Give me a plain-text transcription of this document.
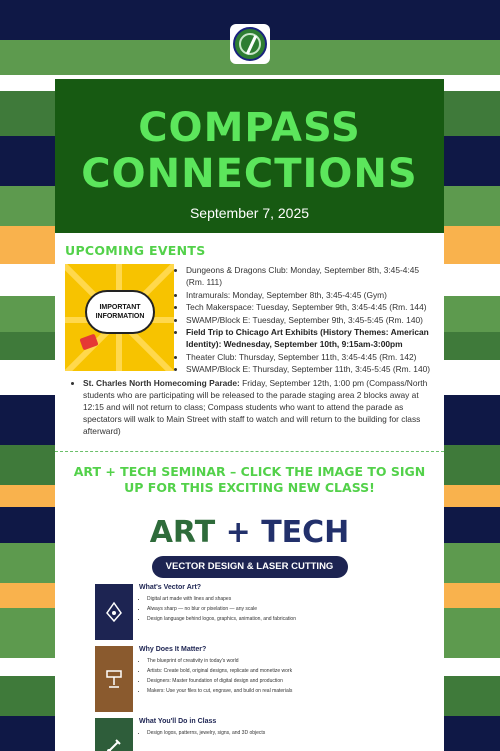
COMPASS
CONNECTIONS
September 7, 2025
UPCOMING EVENTS
IMPORTANT
INFORMATION
• Dungeons & Dragons Club: Monday, September 8th, 3:45-4:45 (Rm. 111)
• Intramurals: Monday, September 8th, 3:45-4:45 (Gym)
• Tech Makerspace: Tuesday, September 9th, 3:45-4:45 (Rm. 144)
• SWAMP/Block E: Tuesday, September 9th, 3:45-5:45 (Rm. 140)
• Field Trip to Chicago Art Exhibits (History Themes: American Identity): Wednesday, September 10th, 9:15am-3:00pm
• Theater Club: Thursday, September 11th, 3:45-4:45 (Rm. 142)
• SWAMP/Block E: Thursday, September 11th, 3:45-5:45 (Rm. 140)
• St. Charles North Homecoming Parade: Friday, September 12th, 1:00 pm (Compass/North students who are participating will be released to the parade staging area 2 blocks away at 12:15 and will not return to class; Compass students who want to attend the parade as spectators will walk to Main Street with staff to watch and will return to the building for class afterward)
ART + TECH SEMINAR – CLICK THE IMAGE TO SIGN UP FOR THIS EXCITING NEW CLASS!
ART + TECH
VECTOR DESIGN & LASER CUTTING
What's Vector Art?
• Digital art made with lines and shapes
• Always sharp — no blur or pixelation — any scale
• Design language behind logos, graphics, animation, and fabrication
Why Does It Matter?
• The blueprint of creativity in today's world
• Artists: Create bold, original designs, replicate and monetize work
• Designers: Master foundation of digital design and production
• Makers: Use your files to cut, engrave, and build on real materials
What You'll Do in Class
• Design logos, patterns, jewelry, signs, and 3D objects
